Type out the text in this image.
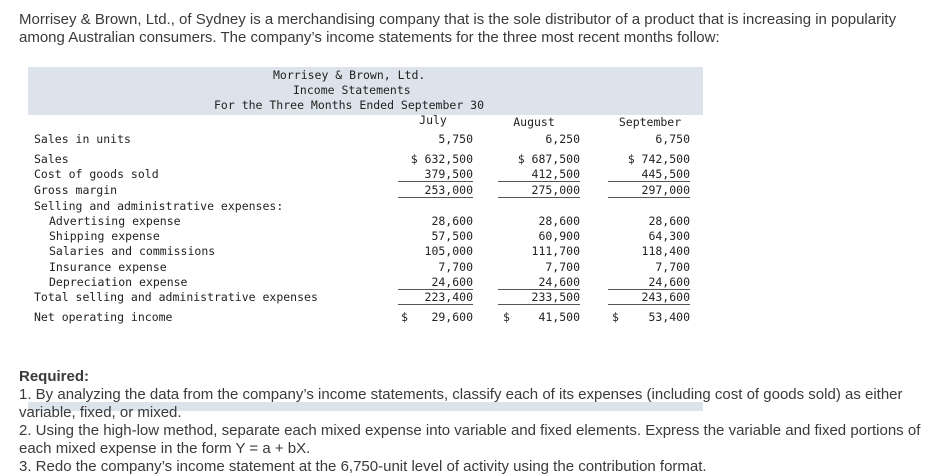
Morrisey & Brown, Ltd., of Sydney is a merchandising company that is the sole distributor of a product that is increasing in popularity among Australian consumers. The company’s income statements for the three most recent months follow:
Morrisey & Brown, Ltd.
Income Statements
For the Three Months Ended September 30
July	August	September
Sales in units	5,750	6,250	6,750
Sales	$ 632,500	$ 687,500	$ 742,500
Cost of goods sold	379,500	412,500	445,500
Gross margin	253,000	275,000	297,000
Selling and administrative expenses:
Advertising expense	28,600	28,600	28,600
Shipping expense	57,500	60,900	64,300
Salaries and commissions	105,000	111,700	118,400
Insurance expense	7,700	7,700	7,700
Depreciation expense	24,600	24,600	24,600
Total selling and administrative expenses	223,400	233,500	243,600
Net operating income	$	29,600	$	41,500	$	53,400

Required:

1. By analyzing the data from the company’s income statements, classify each of its expenses (including cost of goods sold) as either variable, fixed, or mixed.

2. Using the high-low method, separate each mixed expense into variable and fixed elements. Express the variable and fixed portions of each mixed expense in the form Y = a + bX.

3. Redo the company’s income statement at the 6,750-unit level of activity using the contribution format.
